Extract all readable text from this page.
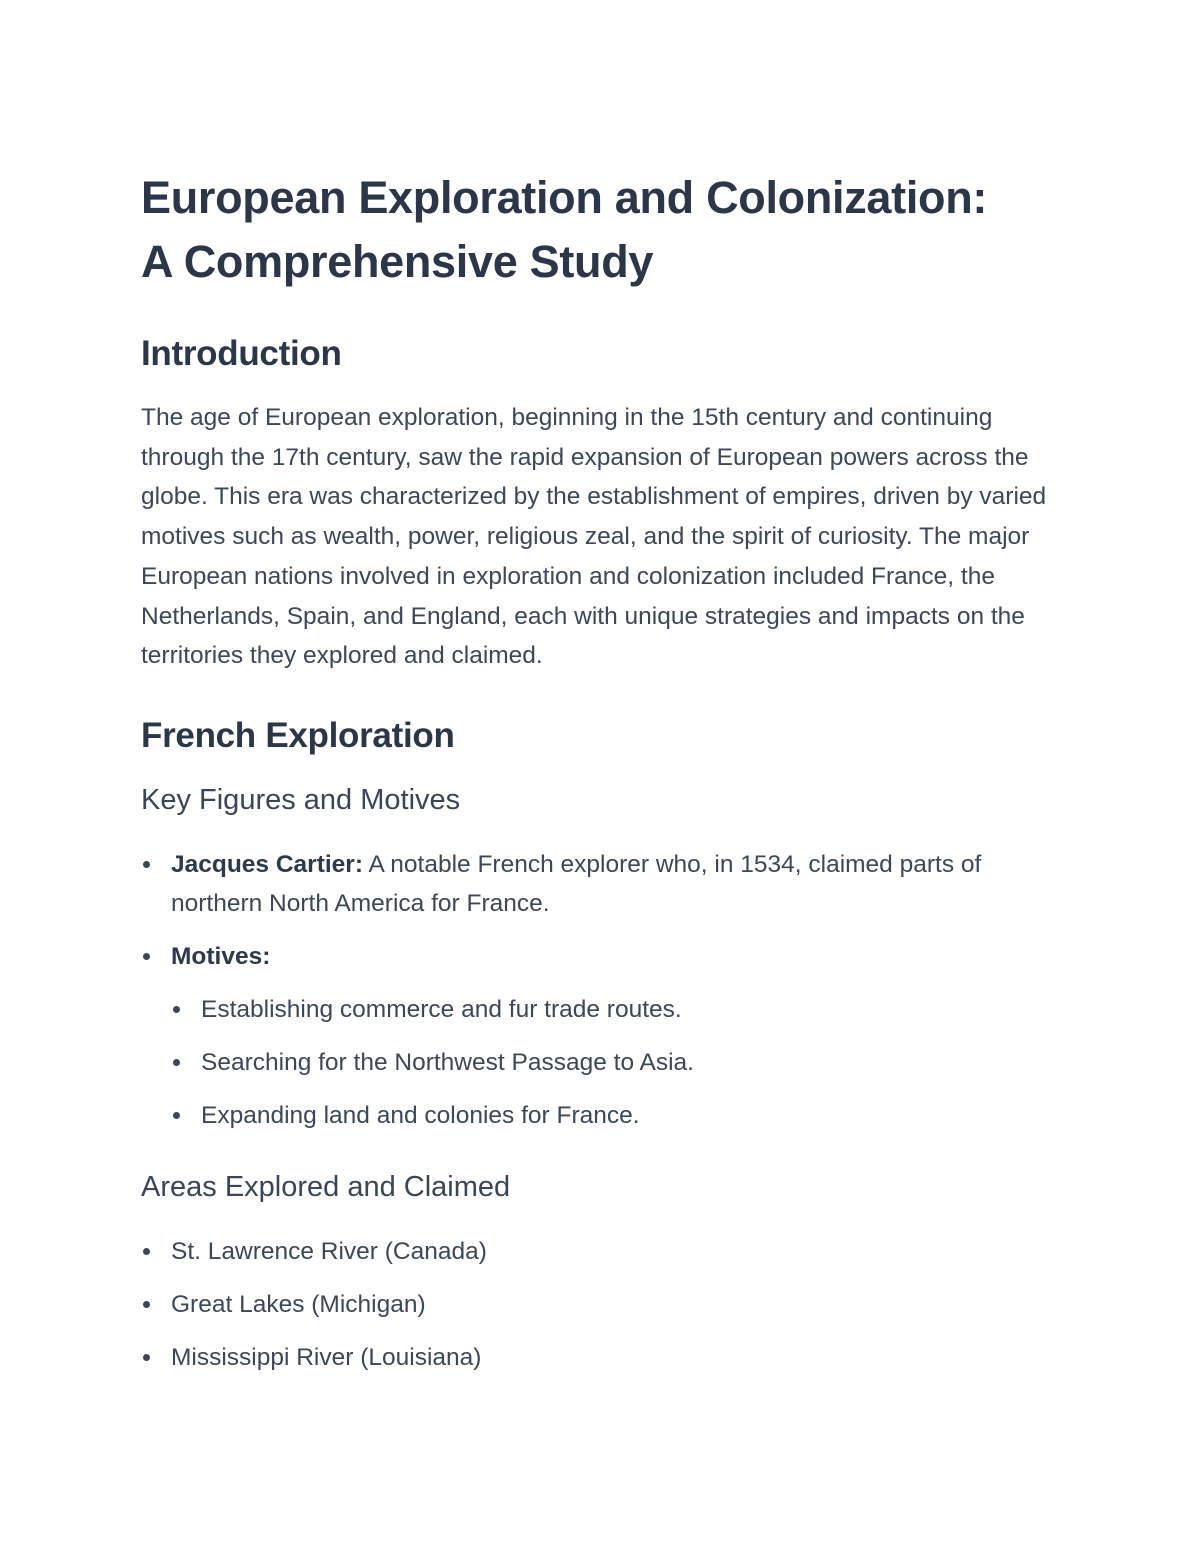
European Exploration and Colonization:
A Comprehensive Study
Introduction

The age of European exploration, beginning in the 15th century and continuing through the 17th century, saw the rapid expansion of European powers across the globe. This era was characterized by the establishment of empires, driven by varied motives such as wealth, power, religious zeal, and the spirit of curiosity. The major European nations involved in exploration and colonization included France, the Netherlands, Spain, and England, each with unique strategies and impacts on the territories they explored and claimed.

French Exploration
Key Figures and Motives
Jacques Cartier: A notable French explorer who, in 1534, claimed parts of northern North America for France.
Motives:
Establishing commerce and fur trade routes.
Searching for the Northwest Passage to Asia.
Expanding land and colonies for France.
Areas Explored and Claimed
St. Lawrence River (Canada)
Great Lakes (Michigan)
Mississippi River (Louisiana)
